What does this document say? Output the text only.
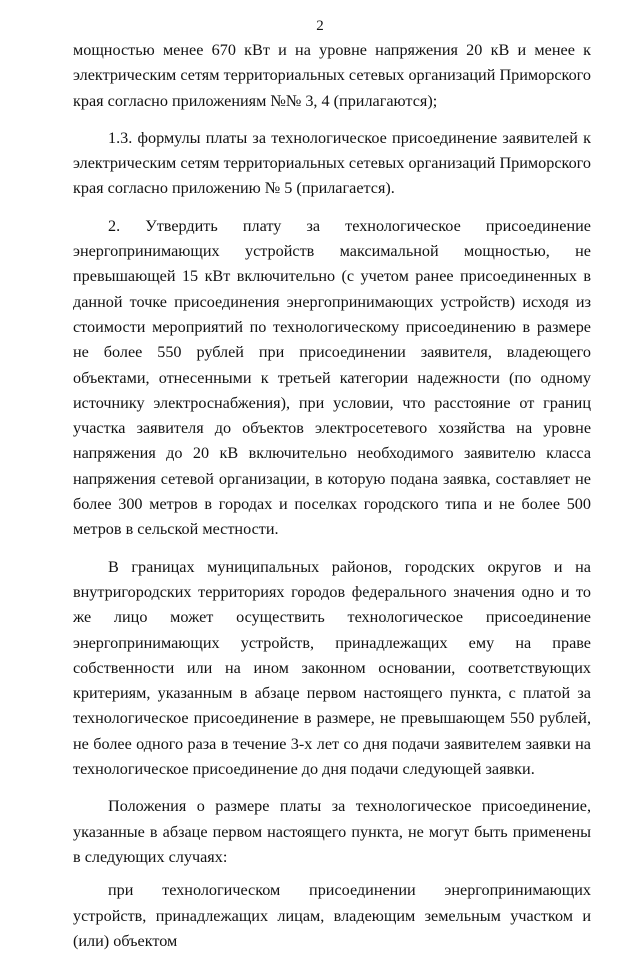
2

мощностью менее 670 кВт и на уровне напряжения 20 кВ и менее к электрическим сетям территориальных сетевых организаций Приморского края согласно приложениям №№ 3, 4 (прилагаются);

1.3. формулы платы за технологическое присоединение заявителей к электрическим сетям территориальных сетевых организаций Приморского края согласно приложению № 5 (прилагается).

2. Утвердить плату за технологическое присоединение энергопринимающих устройств максимальной мощностью, не превышающей 15 кВт включительно (с учетом ранее присоединенных в данной точке присоединения энергопринимающих устройств) исходя из стоимости мероприятий по технологическому присоединению в размере не более 550 рублей при присоединении заявителя, владеющего объектами, отнесенными к третьей категории надежности (по одному источнику электроснабжения), при условии, что расстояние от границ участка заявителя до объектов электросетевого хозяйства на уровне напряжения до 20 кВ включительно необходимого заявителю класса напряжения сетевой организации, в которую подана заявка, составляет не более 300 метров в городах и поселках городского типа и не более 500 метров в сельской местности.

В границах муниципальных районов, городских округов и на внутригородских территориях городов федерального значения одно и то же лицо может осуществить технологическое присоединение энергопринимающих устройств, принадлежащих ему на праве собственности или на ином законном основании, соответствующих критериям, указанным в абзаце первом настоящего пункта, с платой за технологическое присоединение в размере, не превышающем 550 рублей, не более одного раза в течение 3-х лет со дня подачи заявителем заявки на технологическое присоединение до дня подачи следующей заявки.

Положения о размере платы за технологическое присоединение, указанные в абзаце первом настоящего пункта, не могут быть применены в следующих случаях:

при технологическом присоединении энергопринимающих устройств, принадлежащих лицам, владеющим земельным участком и (или) объектом
